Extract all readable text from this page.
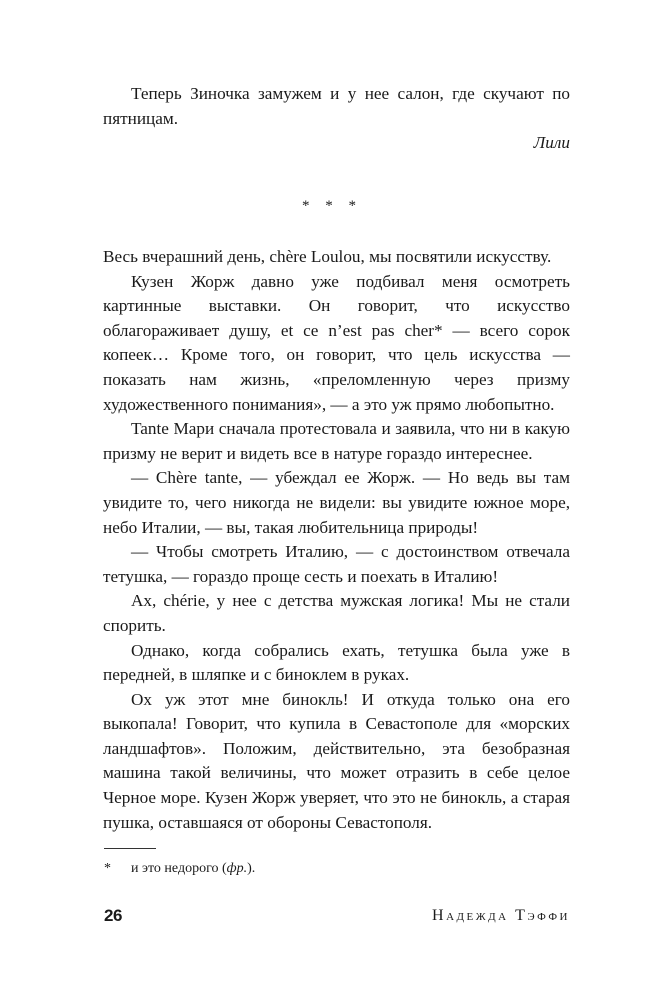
Теперь Зиночка замужем и у нее салон, где скучают по пятницам.

Лили
* * *

Весь вчерашний день, chère Loulou, мы посвятили искусству.

Кузен Жорж давно уже подбивал меня осмотреть картинные выставки. Он говорит, что искусство облагораживает душу, et ce n’est pas cher* — всего сорок копеек… Кроме того, он говорит, что цель искусства — показать нам жизнь, «преломленную через призму художественного понимания», — а это уж прямо любопытно.

Tante Мари сначала протестовала и заявила, что ни в какую призму не верит и видеть все в натуре гораздо интереснее.

— Chère tante, — убеждал ее Жорж. — Но ведь вы там увидите то, чего никогда не видели: вы увидите южное море, небо Италии, — вы, такая любительница природы!

— Чтобы смотреть Италию, — с достоинством отвечала тетушка, — гораздо проще сесть и поехать в Италию!

Ах, chérie, у нее с детства мужская логика! Мы не стали спорить.

Однако, когда собрались ехать, тетушка была уже в передней, в шляпке и с биноклем в руках.

Ох уж этот мне бинокль! И откуда только она его выкопала! Говорит, что купила в Севастополе для «морских ландшафтов». Положим, действительно, эта безобразная машина такой величины, что может отразить в себе целое Черное море. Кузен Жорж уверяет, что это не бинокль, а старая пушка, оставшаяся от обороны Севастополя.

* и это недорого (фр.).
26	Надежда Тэффи
